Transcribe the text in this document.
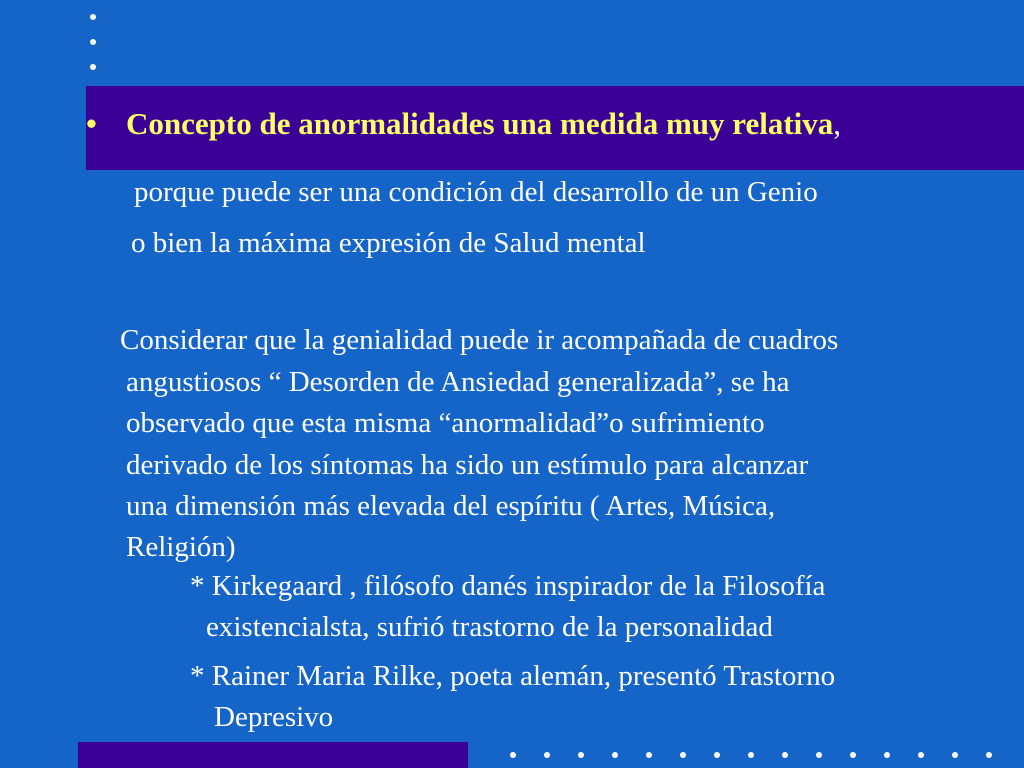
• Concepto de anormalidades una medida muy relativa,
porque puede ser una condición del desarrollo de un Genio
o bien la máxima expresión de Salud mental
Considerar que la genialidad puede ir acompañada de cuadros
angustiosos “ Desorden de Ansiedad generalizada”, se ha
observado que esta misma “anormalidad”o sufrimiento
derivado de los síntomas ha sido un estímulo para alcanzar
una dimensión más elevada del espíritu ( Artes, Música,
Religión)
* Kirkegaard , filósofo danés inspirador de la Filosofía
existencialsta, sufrió trastorno de la personalidad
* Rainer Maria Rilke, poeta alemán, presentó Trastorno
Depresivo
